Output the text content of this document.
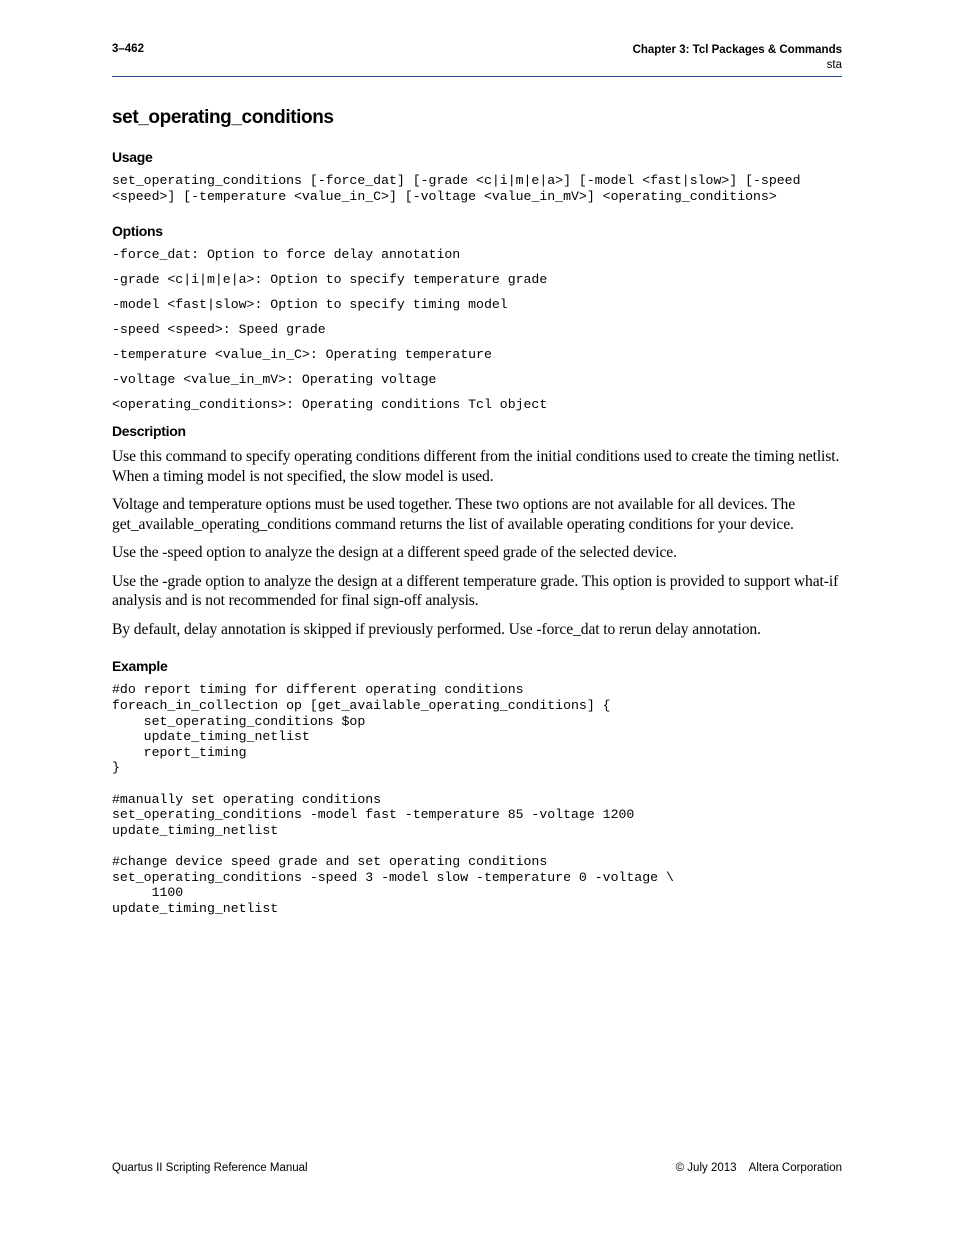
3–462	Chapter 3: Tcl Packages & Commands
sta
set_operating_conditions
Usage
set_operating_conditions [-force_dat] [-grade <c|i|m|e|a>] [-model <fast|slow>] [-speed
<speed>] [-temperature <value_in_C>] [-voltage <value_in_mV>] <operating_conditions>
Options
-force_dat: Option to force delay annotation
-grade <c|i|m|e|a>: Option to specify temperature grade
-model <fast|slow>: Option to specify timing model
-speed <speed>: Speed grade
-temperature <value_in_C>: Operating temperature
-voltage <value_in_mV>: Operating voltage
<operating_conditions>: Operating conditions Tcl object
Description

Use this command to specify operating conditions different from the initial conditions used to create the timing netlist. When a timing model is not specified, the slow model is used.

Voltage and temperature options must be used together. These two options are not available for all devices. The get_available_operating_conditions command returns the list of available operating conditions for your device.

Use the -speed option to analyze the design at a different speed grade of the selected device.

Use the -grade option to analyze the design at a different temperature grade. This option is provided to support what-if analysis and is not recommended for final sign-off analysis.

By default, delay annotation is skipped if previously performed. Use -force_dat to rerun delay annotation.

Example
#do report timing for different operating conditions
foreach_in_collection op [get_available_operating_conditions] {
set_operating_conditions $op
update_timing_netlist
report_timing
}

#manually set operating conditions
set_operating_conditions -model fast -temperature 85 -voltage 1200
update_timing_netlist

#change device speed grade and set operating conditions
set_operating_conditions -speed 3 -model slow -temperature 0 -voltage \
1100
update_timing_netlist
Quartus II Scripting Reference Manual	© July 2013    Altera Corporation
